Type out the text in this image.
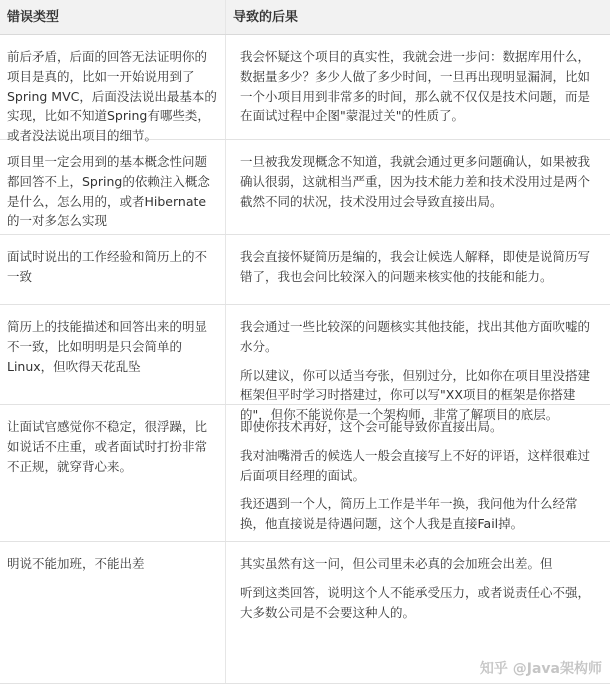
错误类型	导致的后果
前后矛盾，后面的回答无法证明你的项目是真的，比如一开始说用到了Spring MVC，后面没法说出最基本的实现，比如不知道Spring有哪些类，或者没法说出项目的细节。

我会怀疑这个项目的真实性，我就会进一步问：数据库用什么，数据量多少？多少人做了多少时间，一旦再出现明显漏洞，比如一个小项目用到非常多的时间，那么就不仅仅是技术问题，而是在面试过程中企图"蒙混过关"的性质了。

项目里一定会用到的基本概念性问题都回答不上，Spring的依赖注入概念是什么，怎么用的，或者Hibernate的一对多怎么实现

一旦被我发现概念不知道，我就会通过更多问题确认，如果被我确认很弱，这就相当严重，因为技术能力差和技术没用过是两个截然不同的状况，技术没用过会导致直接出局。

面试时说出的工作经验和简历上的不一致

我会直接怀疑简历是编的，我会让候选人解释，即使是说简历写错了，我也会问比较深入的问题来核实他的技能和能力。

简历上的技能描述和回答出来的明显不一致，比如明明是只会简单的Linux，但吹得天花乱坠

我会通过一些比较深的问题核实其他技能，找出其他方面吹嘘的水分。

所以建议，你可以适当夸张，但别过分，比如你在项目里没搭建框架但平时学习时搭建过，你可以写"XX项目的框架是你搭建的"，但你不能说你是一个架构师，非常了解项目的底层。

让面试官感觉你不稳定，很浮躁，比如说话不庄重，或者面试时打扮非常不正规，就穿背心来。

即使你技术再好，这个会可能导致你直接出局。

我对油嘴滑舌的候选人一般会直接写上不好的评语，这样很难过后面项目经理的面试。

我还遇到一个人，简历上工作是半年一换，我问他为什么经常换，他直接说是待遇问题，这个人我是直接Fail掉。

明说不能加班，不能出差	其实虽然有这一问，但公司里未必真的会加班会出差。但

听到这类回答，说明这个人不能承受压力，或者说责任心不强，大多数公司是不会要这种人的。

知乎 @Java架构师
